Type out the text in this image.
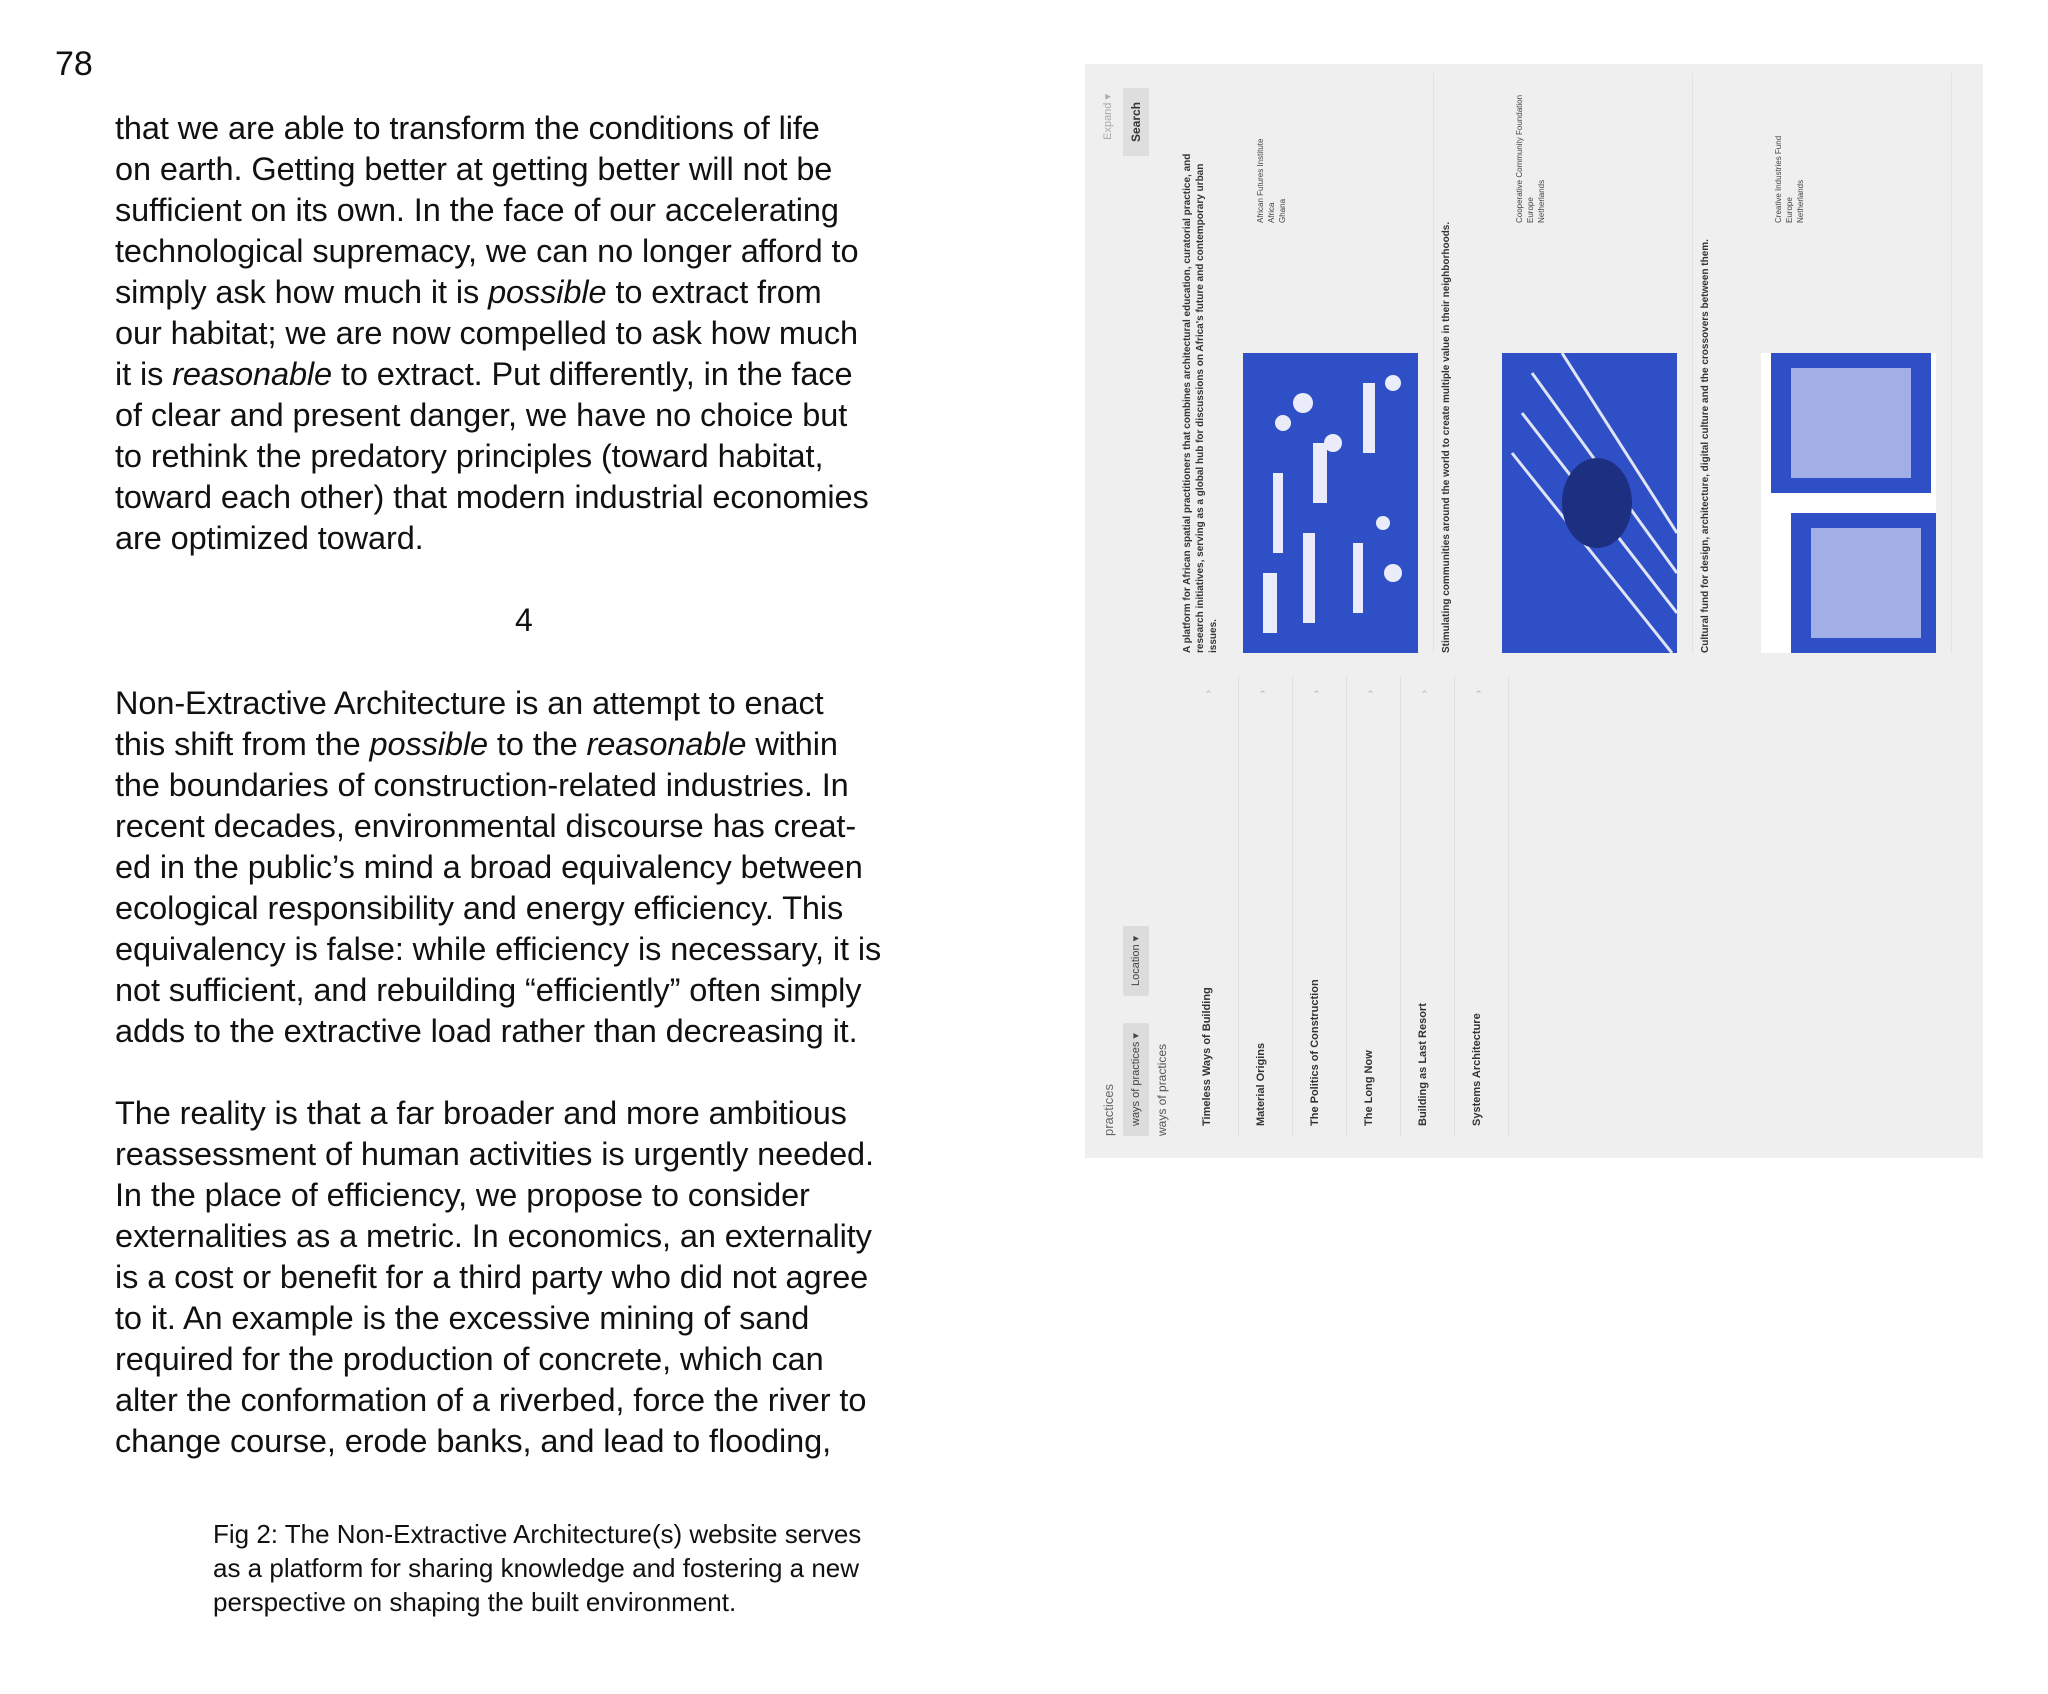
78

that we are able to transform the conditions of life

on earth. Getting better at getting better will not be

sufficient on its own. In the face of our accelerating

technological supremacy, we can no longer afford to

simply ask how much it is possible to extract from

our habitat; we are now compelled to ask how much

it is reasonable to extract. Put differently, in the face

of clear and present danger, we have no choice but

to rethink the predatory principles (toward habitat,

toward each other) that modern industrial economies

are optimized toward.

4

Non-Extractive Architecture is an attempt to enact

this shift from the possible to the reasonable within

the boundaries of construction-related industries. In

recent decades, environmental discourse has creat-

ed in the public’s mind a broad equivalency between

ecological responsibility and energy efficiency. This

equivalency is false: while efficiency is necessary, it is

not sufficient, and rebuilding “efficiently” often simply

adds to the extractive load rather than decreasing it.

The reality is that a far broader and more ambitious

reassessment of human activities is urgently needed.

In the place of efficiency, we propose to consider

externalities as a metric. In economics, an externality

is a cost or benefit for a third party who did not agree

to it. An example is the excessive mining of sand

required for the production of concrete, which can

alter the conformation of a riverbed, force the river to

change course, erode banks, and lead to flooding,

Fig 2: The Non-Extractive Architecture(s) website serves

as a platform for sharing knowledge and fostering a new

perspective on shaping the built environment.

practices	ways of practices ▾
Location ▾
Expand ▾	Search
ways of practices	Timeless Ways of Building
›
Material Origins
›
The Politics of Construction
›
The Long Now
›
Building as Last Resort
›
Systems Architecture
›
A platform for African spatial practitioners that combines architectural education, curatorial practice, and research initiatives, serving as a global hub for discussions on Africa's future and contemporary urban issues.
African Futures Institute
Africa
Ghana
Stimulating communities around the world to create multiple value in their neighborhoods.
Cooperative Community Foundation
Europe
Netherlands
Cultural fund for design, architecture, digital culture and the crossovers between them.
Creative Industries Fund
Europe
Netherlands
